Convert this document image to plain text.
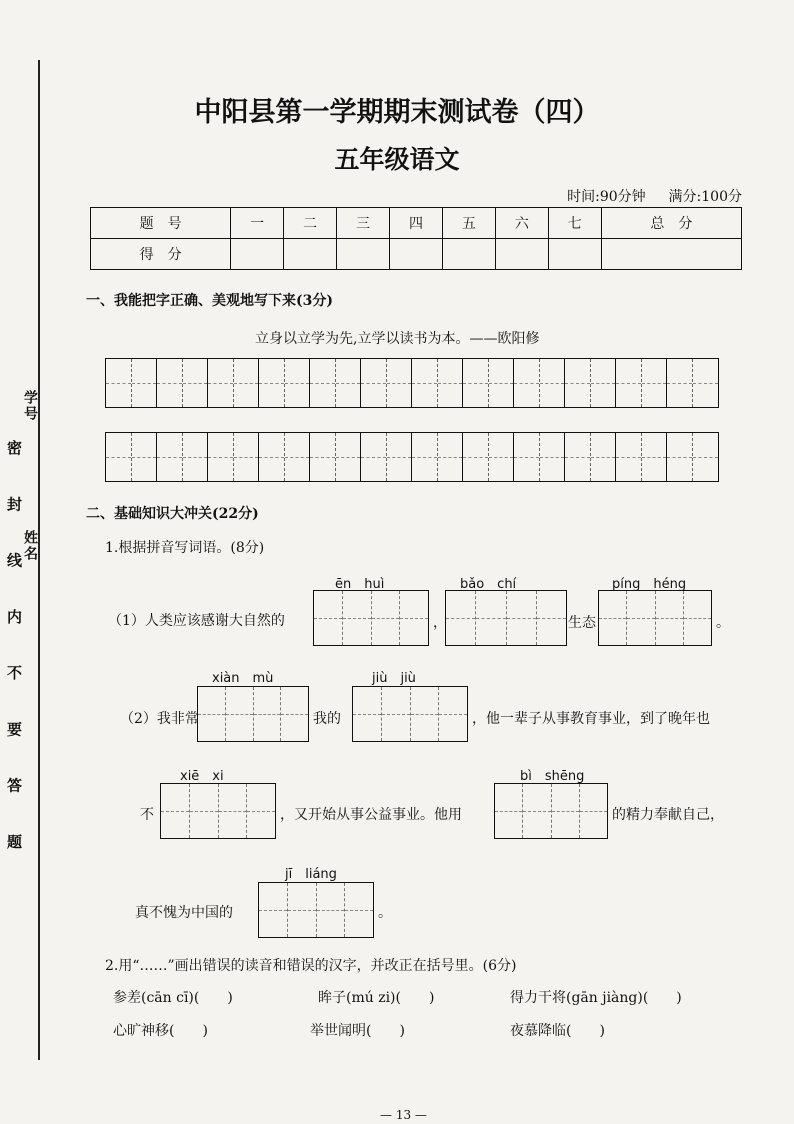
学号
姓名
密 封 线 内 不 要 答 题
中阳县第一学期期末测试卷（四）
五年级语文
时间:90分钟 　 满分:100分
题　号	一	二	三	四	五	六	七	总　分
得　分								
一、我能把字正确、美观地写下来(3分)
立身以立学为先,立学以读书为本。——欧阳修
二、基础知识大冲关(22分)
1.根据拼音写词语。(8分)
ēn　huì	bǎo　chí	píng　héng
（1）人类应该感谢大自然的	，	生态	。
xiàn　mù	jiù　jiù
（2）我非常	我的	，他一辈子从事教育事业，到了晚年也
xiē　xi	bì　shēng
不	，又开始从事公益事业。他用	的精力奉献自己，
jī　liáng
真不愧为中国的	。
2.用“……”画出错误的读音和错误的汉字，并改正在括号里。(6分)
参差(cān cī)(　　)	眸子(mú zi)(　　)	得力干将(gān jiàng)(　　)
心旷神移(　　)	举世闻明(　　)	夜慕降临(　　)
— 13 —
